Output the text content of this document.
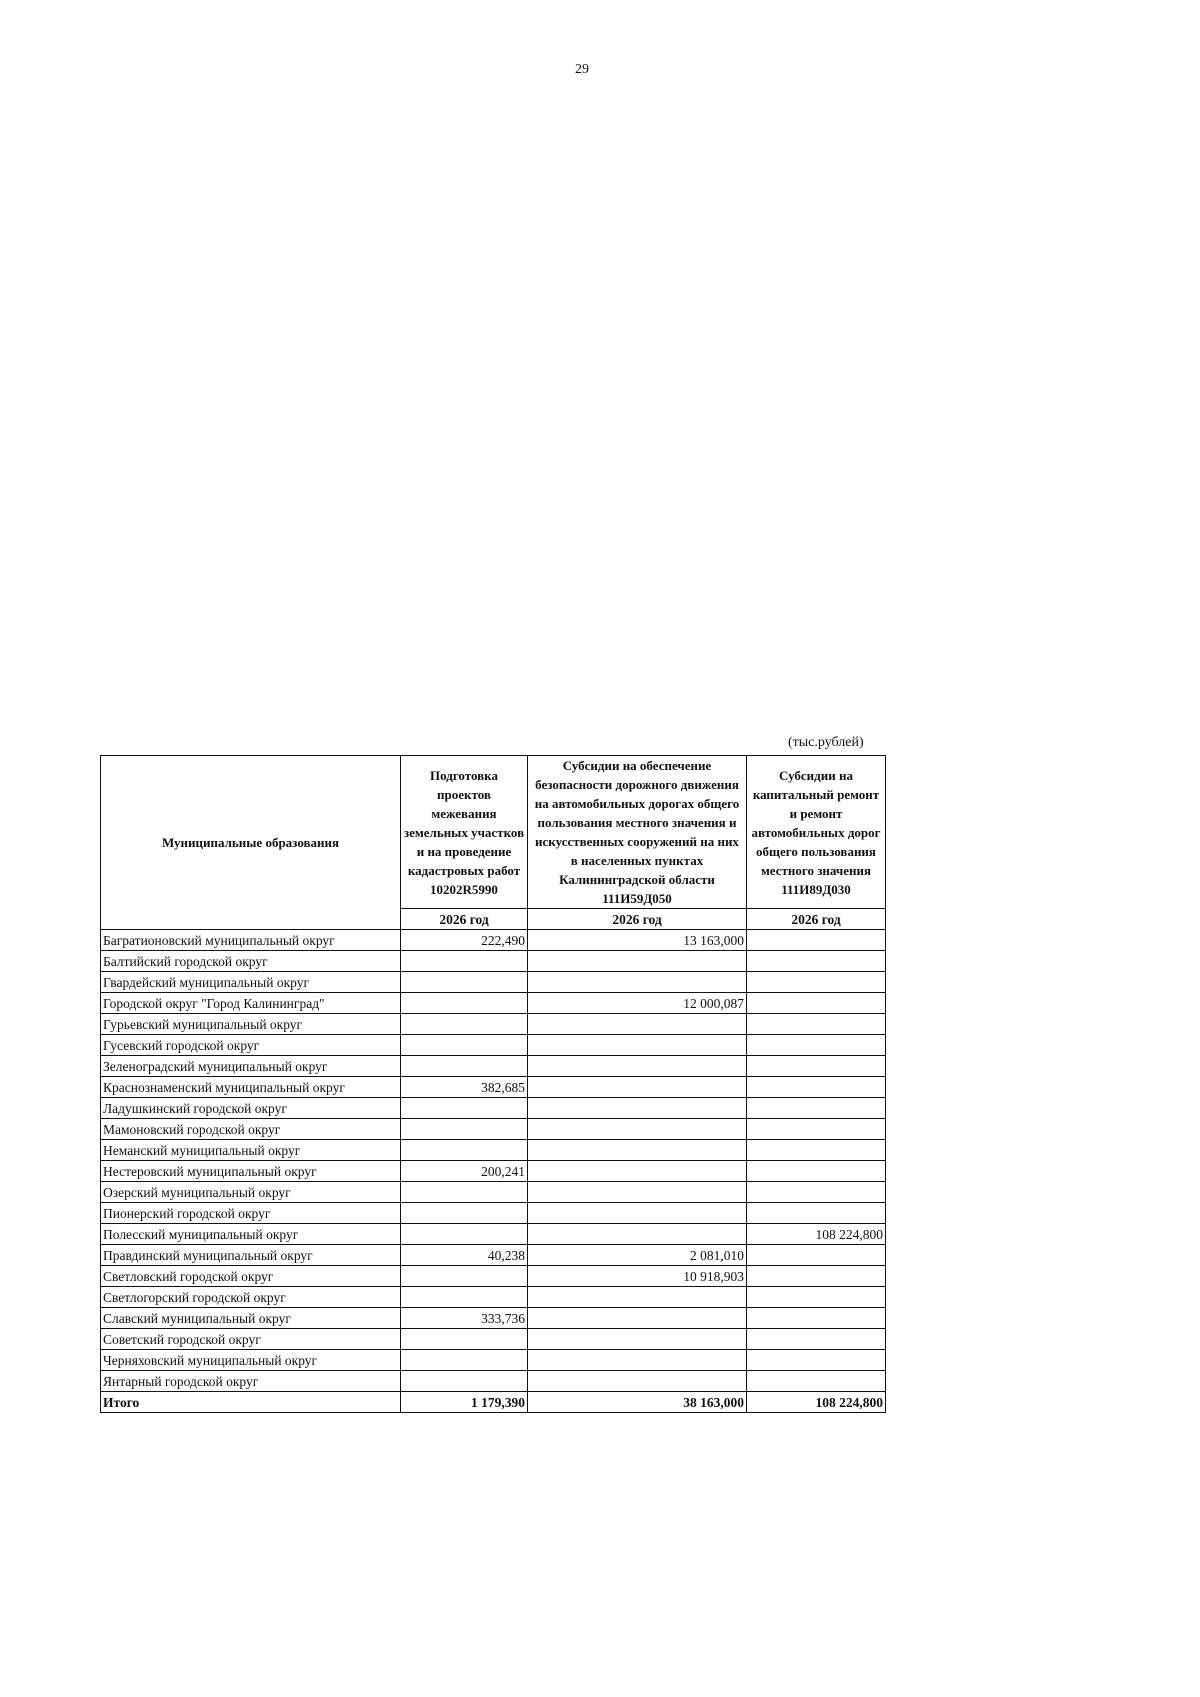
29
(тыс.рублей)
Муниципальные образования	Подготовка проектов межевания земельных участков и на проведение кадастровых работ 10202R5990	Субсидии на обеспечение безопасности дорожного движения на автомобильных дорогах общего пользования местного значения и искусственных сооружений на них в населенных пунктах Калининградской области 111И59Д050	Субсидии на капитальный ремонт и ремонт автомобильных дорог общего пользования местного значения 111И89Д030
	2026 год	2026 год	2026 год
Багратионовский муниципальный округ	222,490	13 163,000	
Балтийский городской округ			
Гвардейский муниципальный округ			
Городской округ "Город Калининград"		12 000,087	
Гурьевский муниципальный округ			
Гусевский городской округ			
Зеленоградский муниципальный округ			
Краснознаменский муниципальный округ	382,685		
Ладушкинский городской округ			
Мамоновский городской округ			
Неманский муниципальный округ			
Нестеровский муниципальный округ	200,241		
Озерский муниципальный округ			
Пионерский городской округ			
Полесский муниципальный округ			108 224,800
Правдинский муниципальный округ	40,238	2 081,010	
Светловский городской округ		10 918,903	
Светлогорский городской округ			
Славский муниципальный округ	333,736		
Советский городской округ			
Черняховский муниципальный округ			
Янтарный городской округ			
Итого	1 179,390	38 163,000	108 224,800
